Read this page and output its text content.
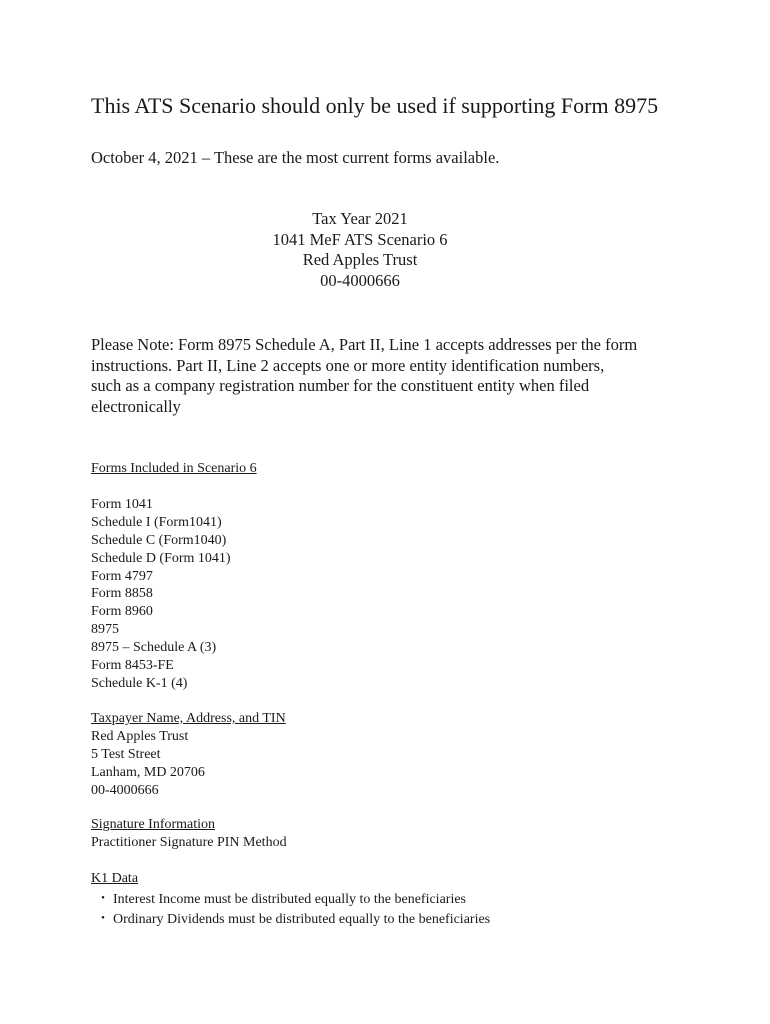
This ATS Scenario should only be used if supporting Form 8975
October 4, 2021 – These are the most current forms available.
Tax Year 2021
1041 MeF ATS Scenario 6
Red Apples Trust
00-4000666
Please Note: Form 8975 Schedule A, Part II, Line 1 accepts addresses per the form
instructions. Part II, Line 2 accepts one or more entity identification numbers,
such as a company registration number for the constituent entity when filed
electronically
Forms Included in Scenario 6
Form 1041
Schedule I (Form1041)
Schedule C (Form1040)
Schedule D (Form 1041)
Form 4797
Form 8858
Form 8960
8975
8975 – Schedule A (3)
Form 8453-FE
Schedule K-1 (4)
Taxpayer Name, Address, and TIN
Red Apples Trust
5 Test Street
Lanham, MD 20706
00-4000666
Signature Information
Practitioner Signature PIN Method
K1 Data
・ Interest Income must be distributed equally to the beneficiaries
・ Ordinary Dividends must be distributed equally to the beneficiaries
